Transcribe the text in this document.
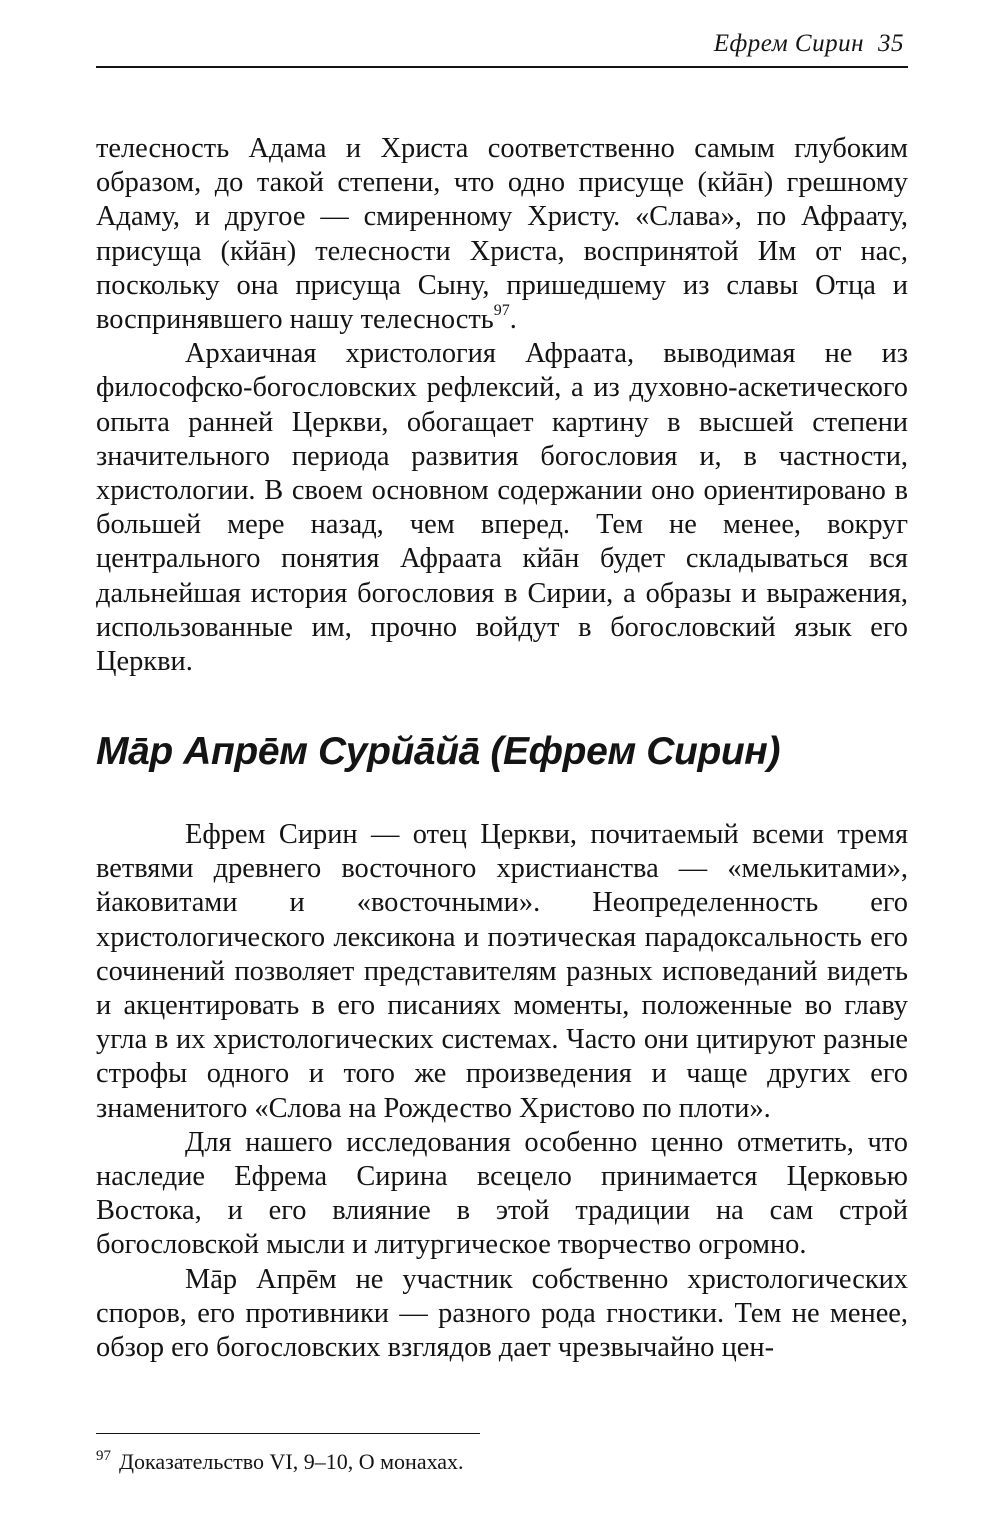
Ефрем Сирин 35

телесность Адама и Христа соответственно самым глубоким образом, до такой степени, что одно присуще (кйāн) грешному Адаму, и другое — смиренному Христу. «Слава», по Афраату, присуща (кйāн) телесности Христа, воспринятой Им от нас, поскольку она присуща Сыну, пришедшему из славы Отца и воспринявшего нашу телесность$^{97}$.

Архаичная христология Афраата, выводимая не из философско-богословских рефлексий, а из духовно-аскетического опыта ранней Церкви, обогащает картину в высшей степени значительного периода развития богословия и, в частности, христологии. В своем основном содержании оно ориентировано в большей мере назад, чем вперед. Тем не менее, вокруг центрального понятия Афраата кйāн будет складываться вся дальнейшая история богословия в Сирии, а образы и выражения, использованные им, прочно войдут в богословский язык его Церкви.

Мāр Апрēм Сурйāйā (Ефрем Сирин)

Ефрем Сирин — отец Церкви, почитаемый всеми тремя ветвями древнего восточного христианства — «мелькитами», йаковитами и «восточными». Неопределенность его христологического лексикона и поэтическая парадоксальность его сочинений позволяет представителям разных исповеданий видеть и акцентировать в его писаниях моменты, положенные во главу угла в их христологических системах. Часто они цитируют разные строфы одного и того же произведения и чаще других его знаменитого «Слова на Рождество Христово по плоти».

Для нашего исследования особенно ценно отметить, что наследие Ефрема Сирина всецело принимается Церковью Востока, и его влияние в этой традиции на сам строй богословской мысли и литургическое творчество огромно.

Мāр Апрēм не участник собственно христологических споров, его противники — разного рода гностики. Тем не менее, обзор его богословских взглядов дает чрезвычайно цен-

$^{97}$ Доказательство VI, 9–10, О монахах.
